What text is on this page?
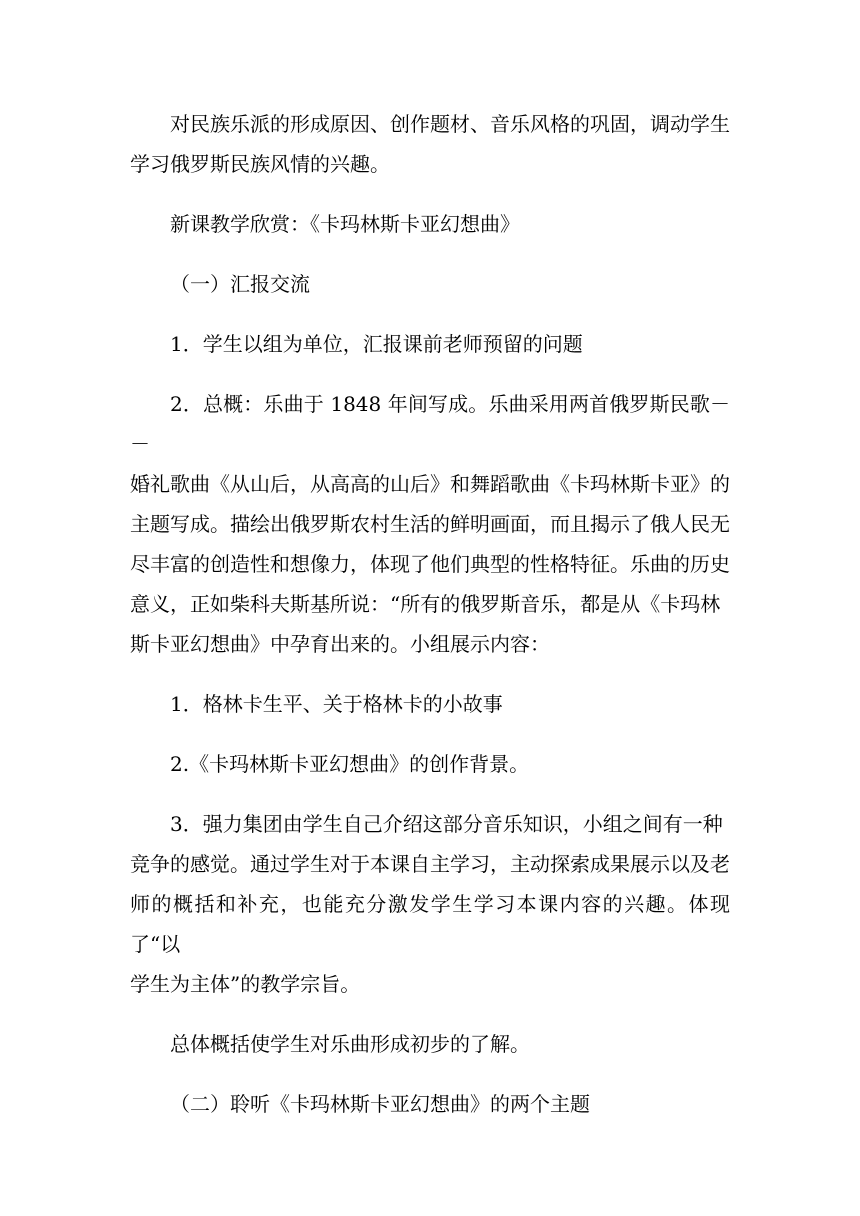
对民族乐派的形成原因、创作题材、音乐风格的巩固，调动学生
学习俄罗斯民族风情的兴趣。

新课教学欣赏：《卡玛林斯卡亚幻想曲》

（一）汇报交流

1．学生以组为单位，汇报课前老师预留的问题

2．总概：乐曲于 1848 年间写成。乐曲采用两首俄罗斯民歌－－
婚礼歌曲《从山后，从高高的山后》和舞蹈歌曲《卡玛林斯卡亚》的
主题写成。描绘出俄罗斯农村生活的鲜明画面，而且揭示了俄人民无
尽丰富的创造性和想像力，体现了他们典型的性格特征。乐曲的历史
意义，正如柴科夫斯基所说：“所有的俄罗斯音乐，都是从《卡玛林
斯卡亚幻想曲》中孕育出来的。小组展示内容：

1．格林卡生平、关于格林卡的小故事

2.《卡玛林斯卡亚幻想曲》的创作背景。

3．强力集团由学生自己介绍这部分音乐知识，小组之间有一种
竞争的感觉。通过学生对于本课自主学习，主动探索成果展示以及老
师的概括和补充，也能充分激发学生学习本课内容的兴趣。体现了“以
学生为主体”的教学宗旨。

总体概括使学生对乐曲形成初步的了解。

（二）聆听《卡玛林斯卡亚幻想曲》的两个主题
